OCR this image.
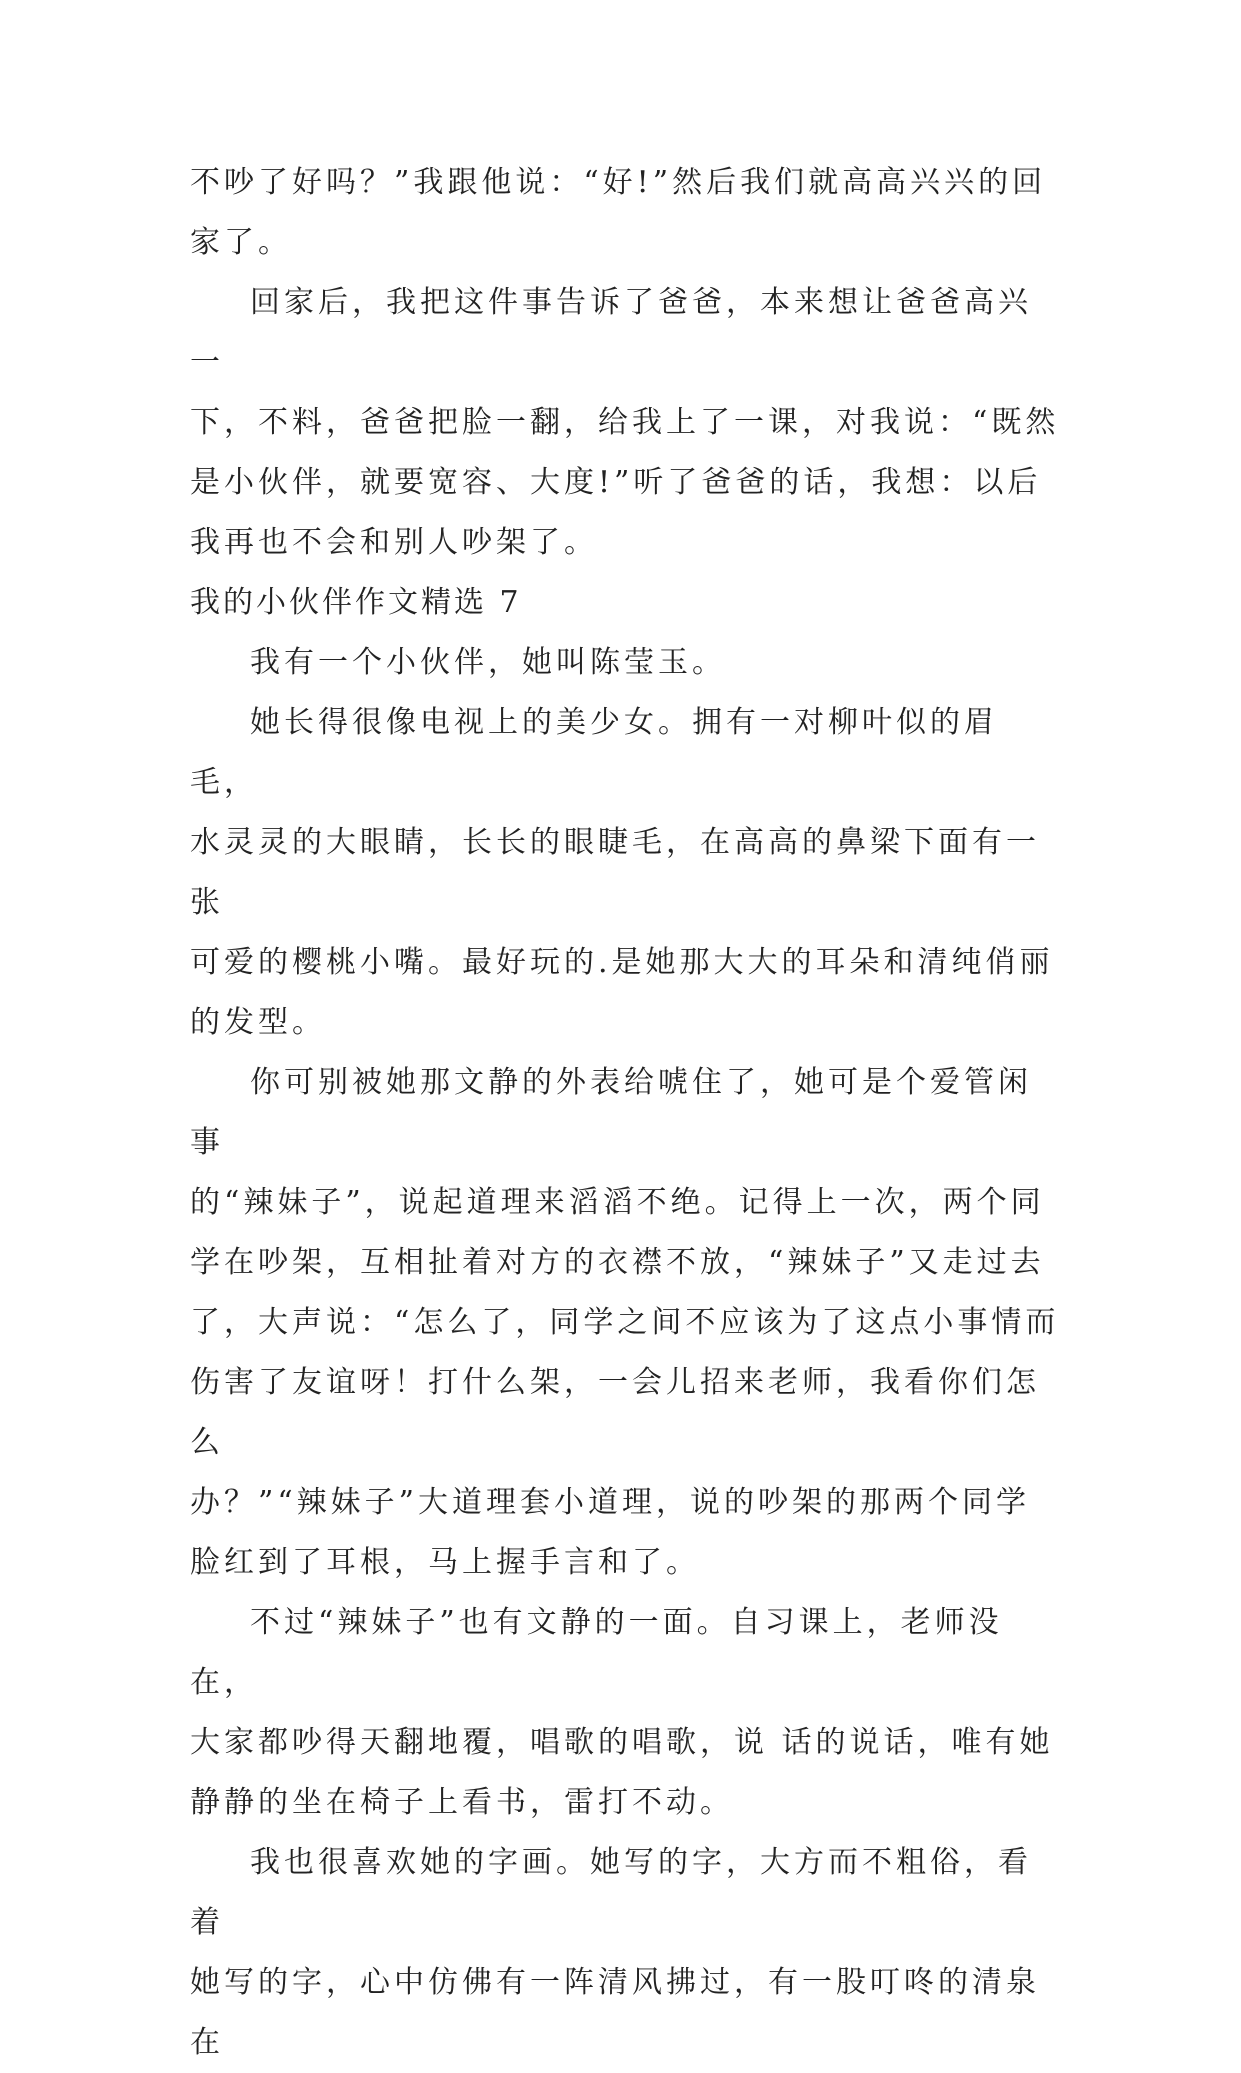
不吵了好吗？”我跟他说：“好!”然后我们就高高兴兴的回
家了。

回家后，我把这件事告诉了爸爸，本来想让爸爸高兴一
下，不料，爸爸把脸一翻，给我上了一课，对我说：“既然
是小伙伴，就要宽容、大度!”听了爸爸的话，我想：以后
我再也不会和别人吵架了。

我的小伙伴作文精选 7

我有一个小伙伴，她叫陈莹玉。

她长得很像电视上的美少女。拥有一对柳叶似的眉毛，
水灵灵的大眼睛，长长的眼睫毛，在高高的鼻梁下面有一张
可爱的樱桃小嘴。最好玩的.是她那大大的耳朵和清纯俏丽
的发型。

你可别被她那文静的外表给唬住了，她可是个爱管闲事
的“辣妹子”，说起道理来滔滔不绝。记得上一次，两个同
学在吵架，互相扯着对方的衣襟不放，“辣妹子”又走过去
了，大声说：“怎么了，同学之间不应该为了这点小事情而
伤害了友谊呀！打什么架，一会儿招来老师，我看你们怎么
办？”“辣妹子”大道理套小道理，说的吵架的那两个同学
脸红到了耳根，马上握手言和了。

不过“辣妹子”也有文静的一面。自习课上，老师没在，
大家都吵得天翻地覆，唱歌的唱歌，说 话的说话，唯有她
静静的坐在椅子上看书，雷打不动。

我也很喜欢她的字画。她写的字，大方而不粗俗，看着
她写的字，心中仿佛有一阵清风拂过，有一股叮咚的清泉在
